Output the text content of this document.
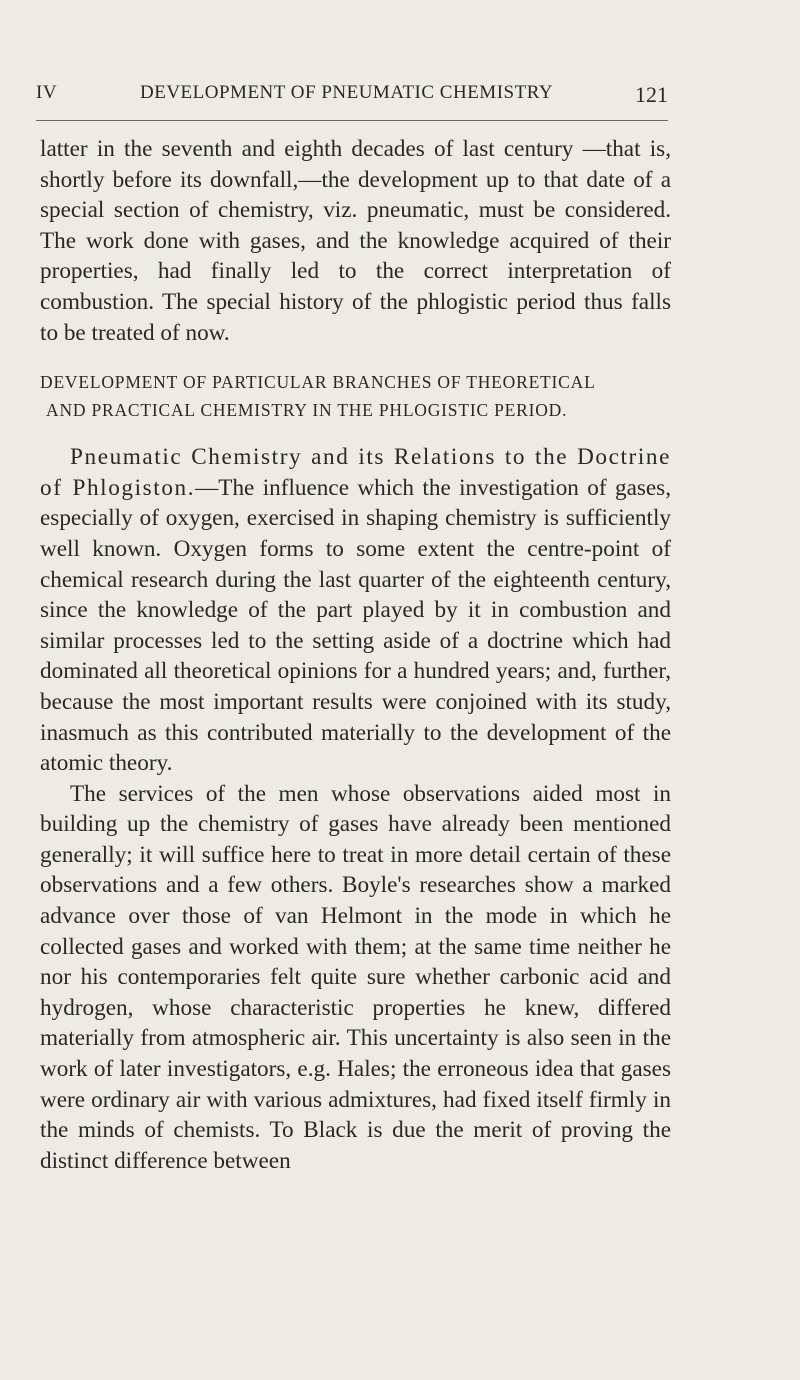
IV	DEVELOPMENT OF PNEUMATIC CHEMISTRY	121

latter in the seventh and eighth decades of last century —that is, shortly before its downfall,—the development up to that date of a special section of chemistry, viz. pneumatic, must be considered. The work done with gases, and the knowledge acquired of their properties, had finally led to the correct interpretation of combustion. The special history of the phlogistic period thus falls to be treated of now.

DEVELOPMENT OF PARTICULAR BRANCHES OF THEORETICAL
AND PRACTICAL CHEMISTRY IN THE PHLOGISTIC PERIOD.

Pneumatic Chemistry and its Relations to the Doctrine of Phlogiston.—The influence which the investigation of gases, especially of oxygen, exercised in shaping chemistry is sufficiently well known. Oxygen forms to some extent the centre-point of chemical research during the last quarter of the eighteenth century, since the knowledge of the part played by it in combustion and similar processes led to the setting aside of a doctrine which had dominated all theoretical opinions for a hundred years; and, further, because the most important results were conjoined with its study, inasmuch as this contributed materially to the development of the atomic theory.

The services of the men whose observations aided most in building up the chemistry of gases have already been mentioned generally; it will suffice here to treat in more detail certain of these observations and a few others. Boyle's researches show a marked advance over those of van Helmont in the mode in which he collected gases and worked with them; at the same time neither he nor his contemporaries felt quite sure whether carbonic acid and hydrogen, whose characteristic properties he knew, differed materially from atmospheric air. This uncertainty is also seen in the work of later investigators, e.g. Hales; the erroneous idea that gases were ordinary air with various admixtures, had fixed itself firmly in the minds of chemists. To Black is due the merit of proving the distinct difference between
